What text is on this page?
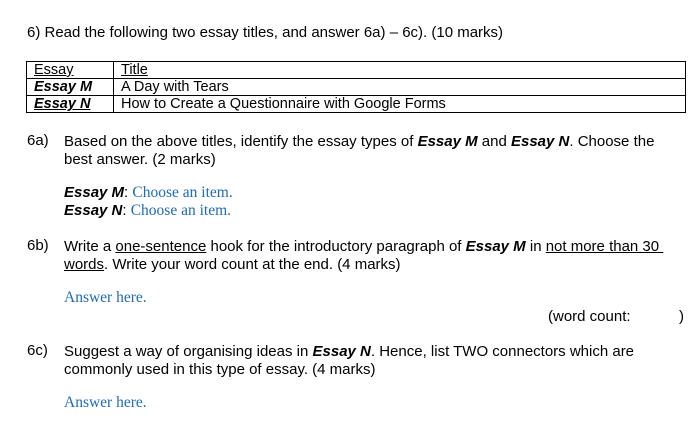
6) Read the following two essay titles, and answer 6a) – 6c). (10 marks)
Essay	Title
Essay M	A Day with Tears
Essay N	How to Create a Questionnaire with Google Forms
6a) Based on the above titles, identify the essay types of Essay M and Essay N. Choose the
best answer. (2 marks)
Essay M: Choose an item.
Essay N: Choose an item.
6b) Write a one-sentence hook for the introductory paragraph of Essay M in not more than 30
words. Write your word count at the end. (4 marks)
Answer here.
(word count:	)
6c) Suggest a way of organising ideas in Essay N. Hence, list TWO connectors which are
commonly used in this type of essay. (4 marks)
Answer here.
